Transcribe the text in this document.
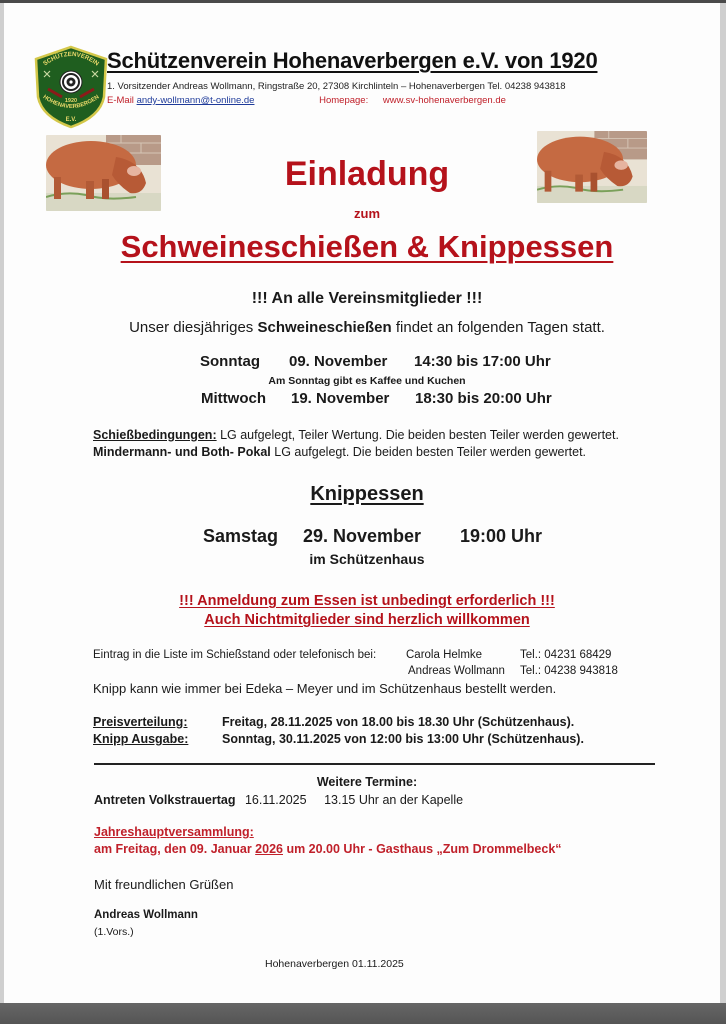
SCHÜTZENVEREIN
1920
HOHENAVERBERGEN
E.V.
Schützenverein Hohenaverbergen e.V. von 1920
1. Vorsitzender Andreas Wollmann, Ringstraße 20, 27308 Kirchlinteln – Hohenaverbergen Tel. 04238 943818
E-Mail andy-wollmann@t-online.de	Homepage: www.sv-hohenaverbergen.de
Einladung
zum
Schweineschießen & Knippessen
!!! An alle Vereinsmitglieder !!!
Unser diesjähriges Schweineschießen findet an folgenden Tagen statt.
Sonntag 09. November 14:30 bis 17:00 Uhr
Am Sonntag gibt es Kaffee und Kuchen
Mittwoch 19. November 18:30 bis 20:00 Uhr
Schießbedingungen: LG aufgelegt, Teiler Wertung. Die beiden besten Teiler werden gewertet.
Mindermann- und Both- Pokal LG aufgelegt. Die beiden besten Teiler werden gewertet.
Knippessen
Samstag 29. November 19:00 Uhr
im Schützenhaus
!!! Anmeldung zum Essen ist unbedingt erforderlich !!!
Auch Nichtmitglieder sind herzlich willkommen
Eintrag in die Liste im Schießstand oder telefonisch bei:	Carola Helmke	Tel.: 04231 68429
Andreas Wollmann Tel.: 04238 943818
Knipp kann wie immer bei Edeka – Meyer und im Schützenhaus bestellt werden.
Preisverteilung:	Freitag, 28.11.2025 von 18.00 bis 18.30 Uhr (Schützenhaus).
Knipp Ausgabe:	Sonntag, 30.11.2025 von 12:00 bis 13:00 Uhr (Schützenhaus).
Weitere Termine:
Antreten Volkstrauertag 16.11.2025 13.15 Uhr an der Kapelle
Jahreshauptversammlung:
am Freitag, den 09. Januar 2026 um 20.00 Uhr - Gasthaus „Zum Drommelbeck“
Mit freundlichen Grüßen
Andreas Wollmann
(1.Vors.)
Hohenaverbergen 01.11.2025
